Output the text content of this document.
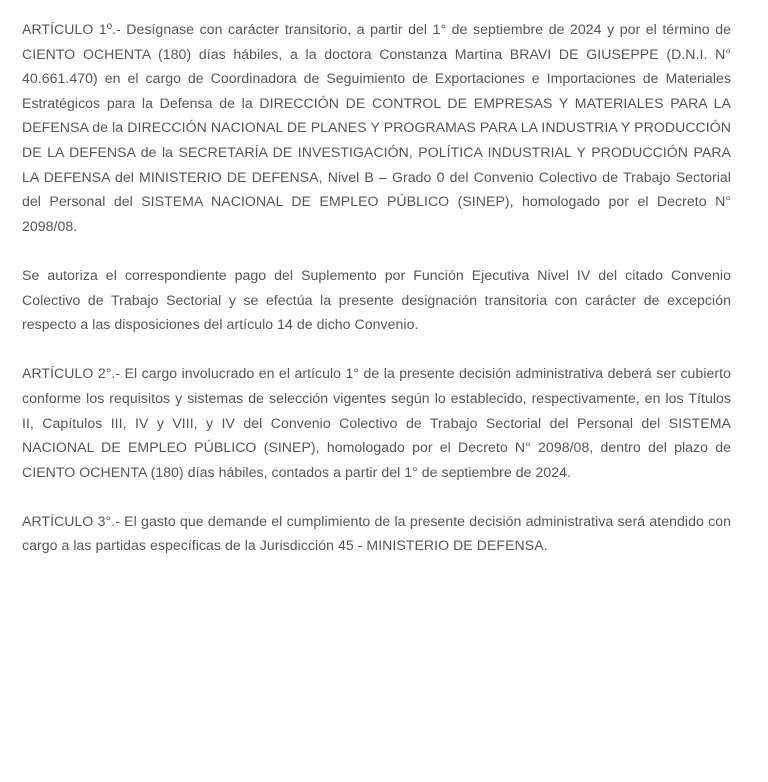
ARTÍCULO 1º.- Desígnase con carácter transitorio, a partir del 1° de septiembre de 2024 y por el término de CIENTO OCHENTA (180) días hábiles, a la doctora Constanza Martina BRAVI DE GIUSEPPE (D.N.I. N° 40.661.470) en el cargo de Coordinadora de Seguimiento de Exportaciones e Importaciones de Materiales Estratégicos para la Defensa de la DIRECCIÓN DE CONTROL DE EMPRESAS Y MATERIALES PARA LA DEFENSA de la DIRECCIÓN NACIONAL DE PLANES Y PROGRAMAS PARA LA INDUSTRIA Y PRODUCCIÓN DE LA DEFENSA de la SECRETARÍA DE INVESTIGACIÓN, POLÍTICA INDUSTRIAL Y PRODUCCIÓN PARA LA DEFENSA del MINISTERIO DE DEFENSA, Nivel B – Grado 0 del Convenio Colectivo de Trabajo Sectorial del Personal del SISTEMA NACIONAL DE EMPLEO PÚBLICO (SINEP), homologado por el Decreto N° 2098/08.

Se autoriza el correspondiente pago del Suplemento por Función Ejecutiva Nivel IV del citado Convenio Colectivo de Trabajo Sectorial y se efectúa la presente designación transitoria con carácter de excepción respecto a las disposiciones del artículo 14 de dicho Convenio.

ARTÍCULO 2°.- El cargo involucrado en el artículo 1° de la presente decisión administrativa deberá ser cubierto conforme los requisitos y sistemas de selección vigentes según lo establecido, respectivamente, en los Títulos II, Capítulos III, IV y VIII, y IV del Convenio Colectivo de Trabajo Sectorial del Personal del SISTEMA NACIONAL DE EMPLEO PÚBLICO (SINEP), homologado por el Decreto N° 2098/08, dentro del plazo de CIENTO OCHENTA (180) días hábiles, contados a partir del 1° de septiembre de 2024.

ARTÍCULO 3°.- El gasto que demande el cumplimiento de la presente decisión administrativa será atendido con cargo a las partidas específicas de la Jurisdicción 45 - MINISTERIO DE DEFENSA.
